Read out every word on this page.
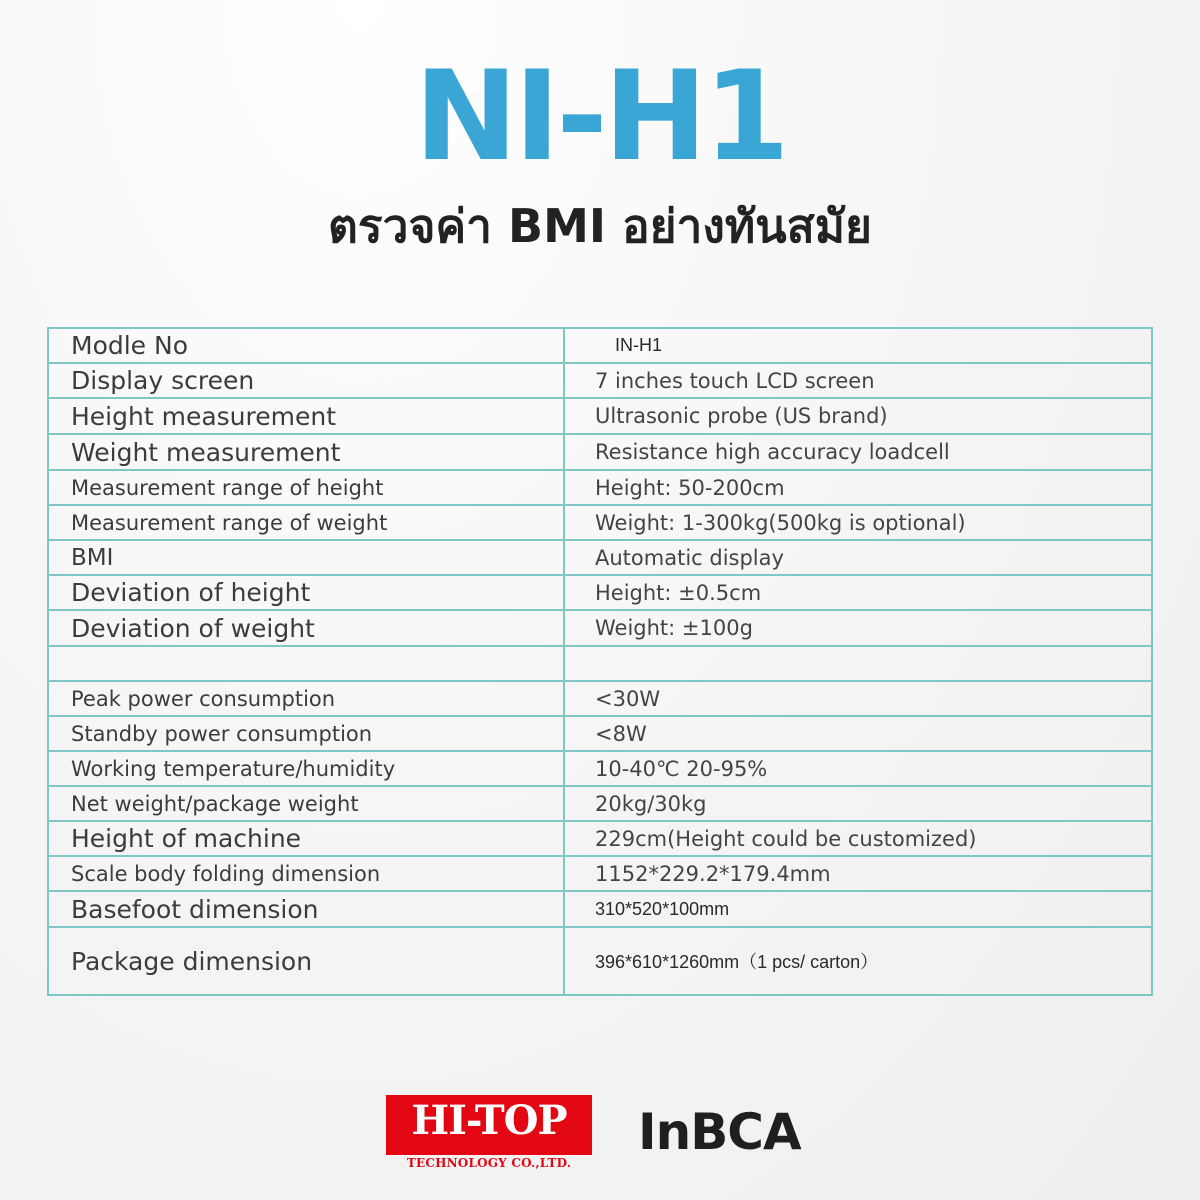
NI-H1
ตรวจค่า BMI อย่างทันสมัย
Modle No	IN-H1
Display screen	7 inches touch LCD screen
Height measurement	Ultrasonic probe (US brand)
Weight measurement	Resistance high accuracy loadcell
Measurement range of height	Height: 50-200cm
Measurement range of weight	Weight: 1-300kg(500kg is optional)
BMI	Automatic display
Deviation of height	Height: ±0.5cm
Deviation of weight	Weight: ±100g

Peak power consumption	<30W
Standby power consumption	<8W
Working temperature/humidity	10-40℃ 20-95%
Net weight/package weight	20kg/30kg
Height of machine	229cm(Height could be customized)
Scale body folding dimension	1152*229.2*179.4mm
Basefoot dimension	310*520*100mm
Package dimension	396*610*1260mm（1 pcs/ carton）
HI-TOP
TECHNOLOGY CO.,LTD.
InBCA
